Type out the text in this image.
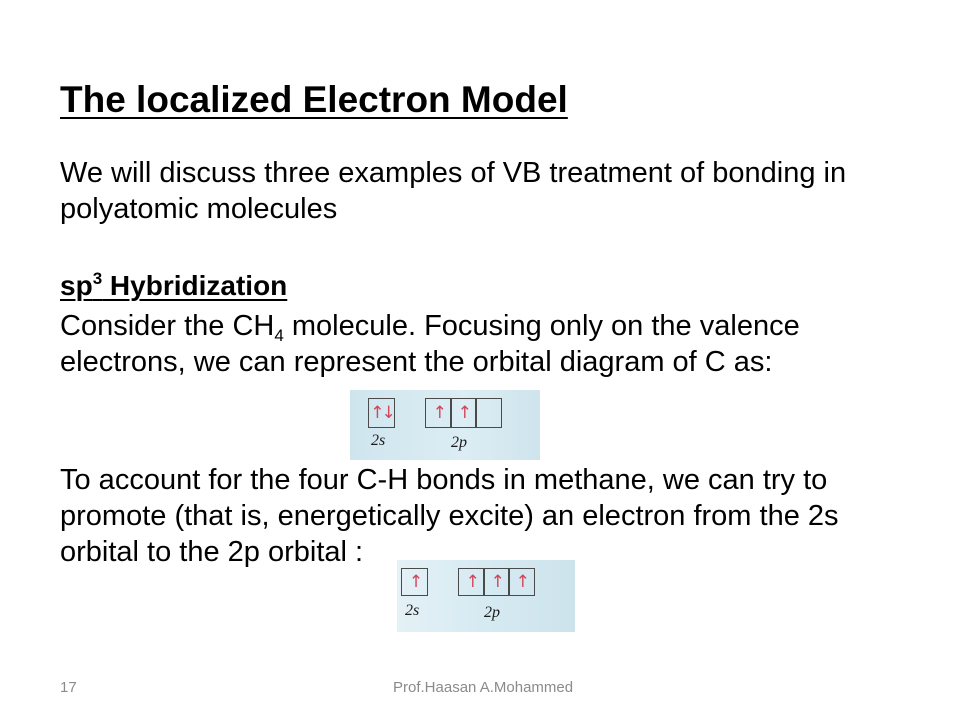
The localized Electron Model
We will discuss three examples of VB treatment of bonding in
polyatomic molecules
$sp^3$ Hybridization
Consider the $CH_4$ molecule. Focusing only on the valence
electrons, we can represent the orbital diagram of C as:
↑↓	↑ ↑
2s	2p
To account for the four C-H bonds in methane, we can try to
promote (that is, energetically excite) an electron from the 2s
orbital to the 2p orbital :
↑	↑ ↑ ↑
2s	2p
17	Prof.Haasan A.Mohammed
